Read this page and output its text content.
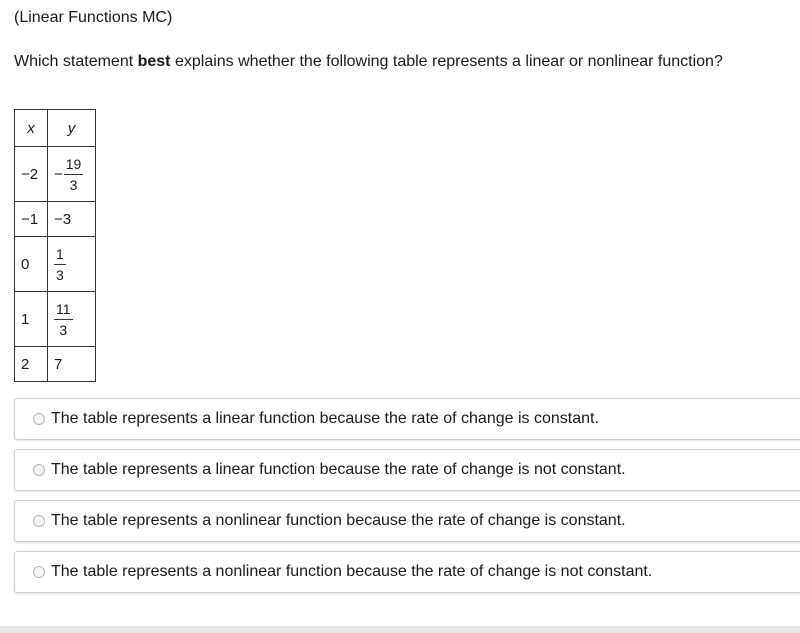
(Linear Functions MC)
Which statement best explains whether the following table represents a linear or nonlinear function?
x	y
−2	− $\frac{19}{3}$

−1	−3
0	$\frac{1}{3}$

1	$\frac{11}{3}$

2	7
The table represents a linear function because the rate of change is constant.
The table represents a linear function because the rate of change is not constant.
The table represents a nonlinear function because the rate of change is constant.
The table represents a nonlinear function because the rate of change is not constant.
